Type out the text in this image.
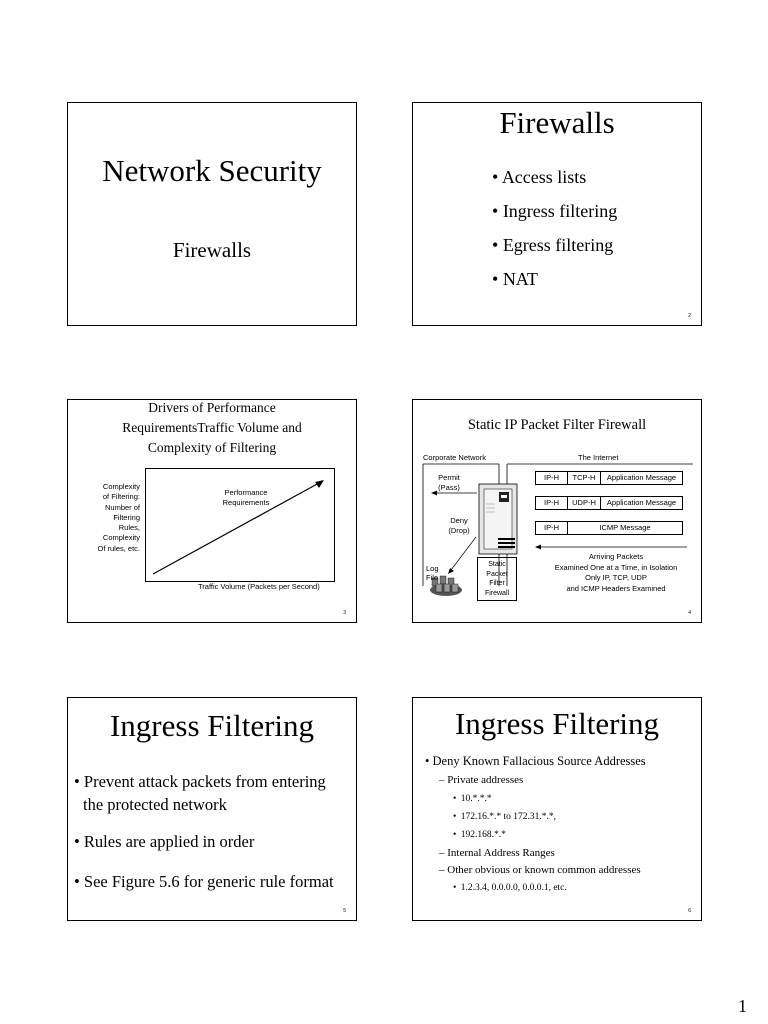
Network Security
Firewalls
Firewalls
• Access lists
• Ingress filtering
• Egress filtering
• NAT
2
Drivers of Performance
RequirementsTraffic Volume and
Complexity of Filtering
Complexity
of Filtering:
Number of
Filtering
Rules,
Complexity
Of rules, etc.
Performance
Requirements
Traffic Volume (Packets per Second)
3
Static IP Packet Filter Firewall
Corporate Network	The Internet
Permit
(Pass)
Deny
(Drop)
Log
File
Static
Packet
Filter
Firewall
IP-H	TCP-H	Application Message
IP-H	UDP-H	Application Message
IP-H	ICMP Message
Arriving Packets
Examined One at a Time, in Isolation
Only IP, TCP, UDP
and ICMP Headers Examined
4
Ingress Filtering
• Prevent attack packets from entering
the protected network
• Rules are applied in order
• See Figure 5.6 for generic rule format
5
Ingress Filtering
• Deny Known Fallacious Source Addresses
– Private addresses
• 10.*.*.*
• 172.16.*.* to 172.31.*.*,
• 192.168.*.*
– Internal Address Ranges
– Other obvious or known common addresses
• 1.2.3.4, 0.0.0.0, 0.0.0.1, etc.
6
1
